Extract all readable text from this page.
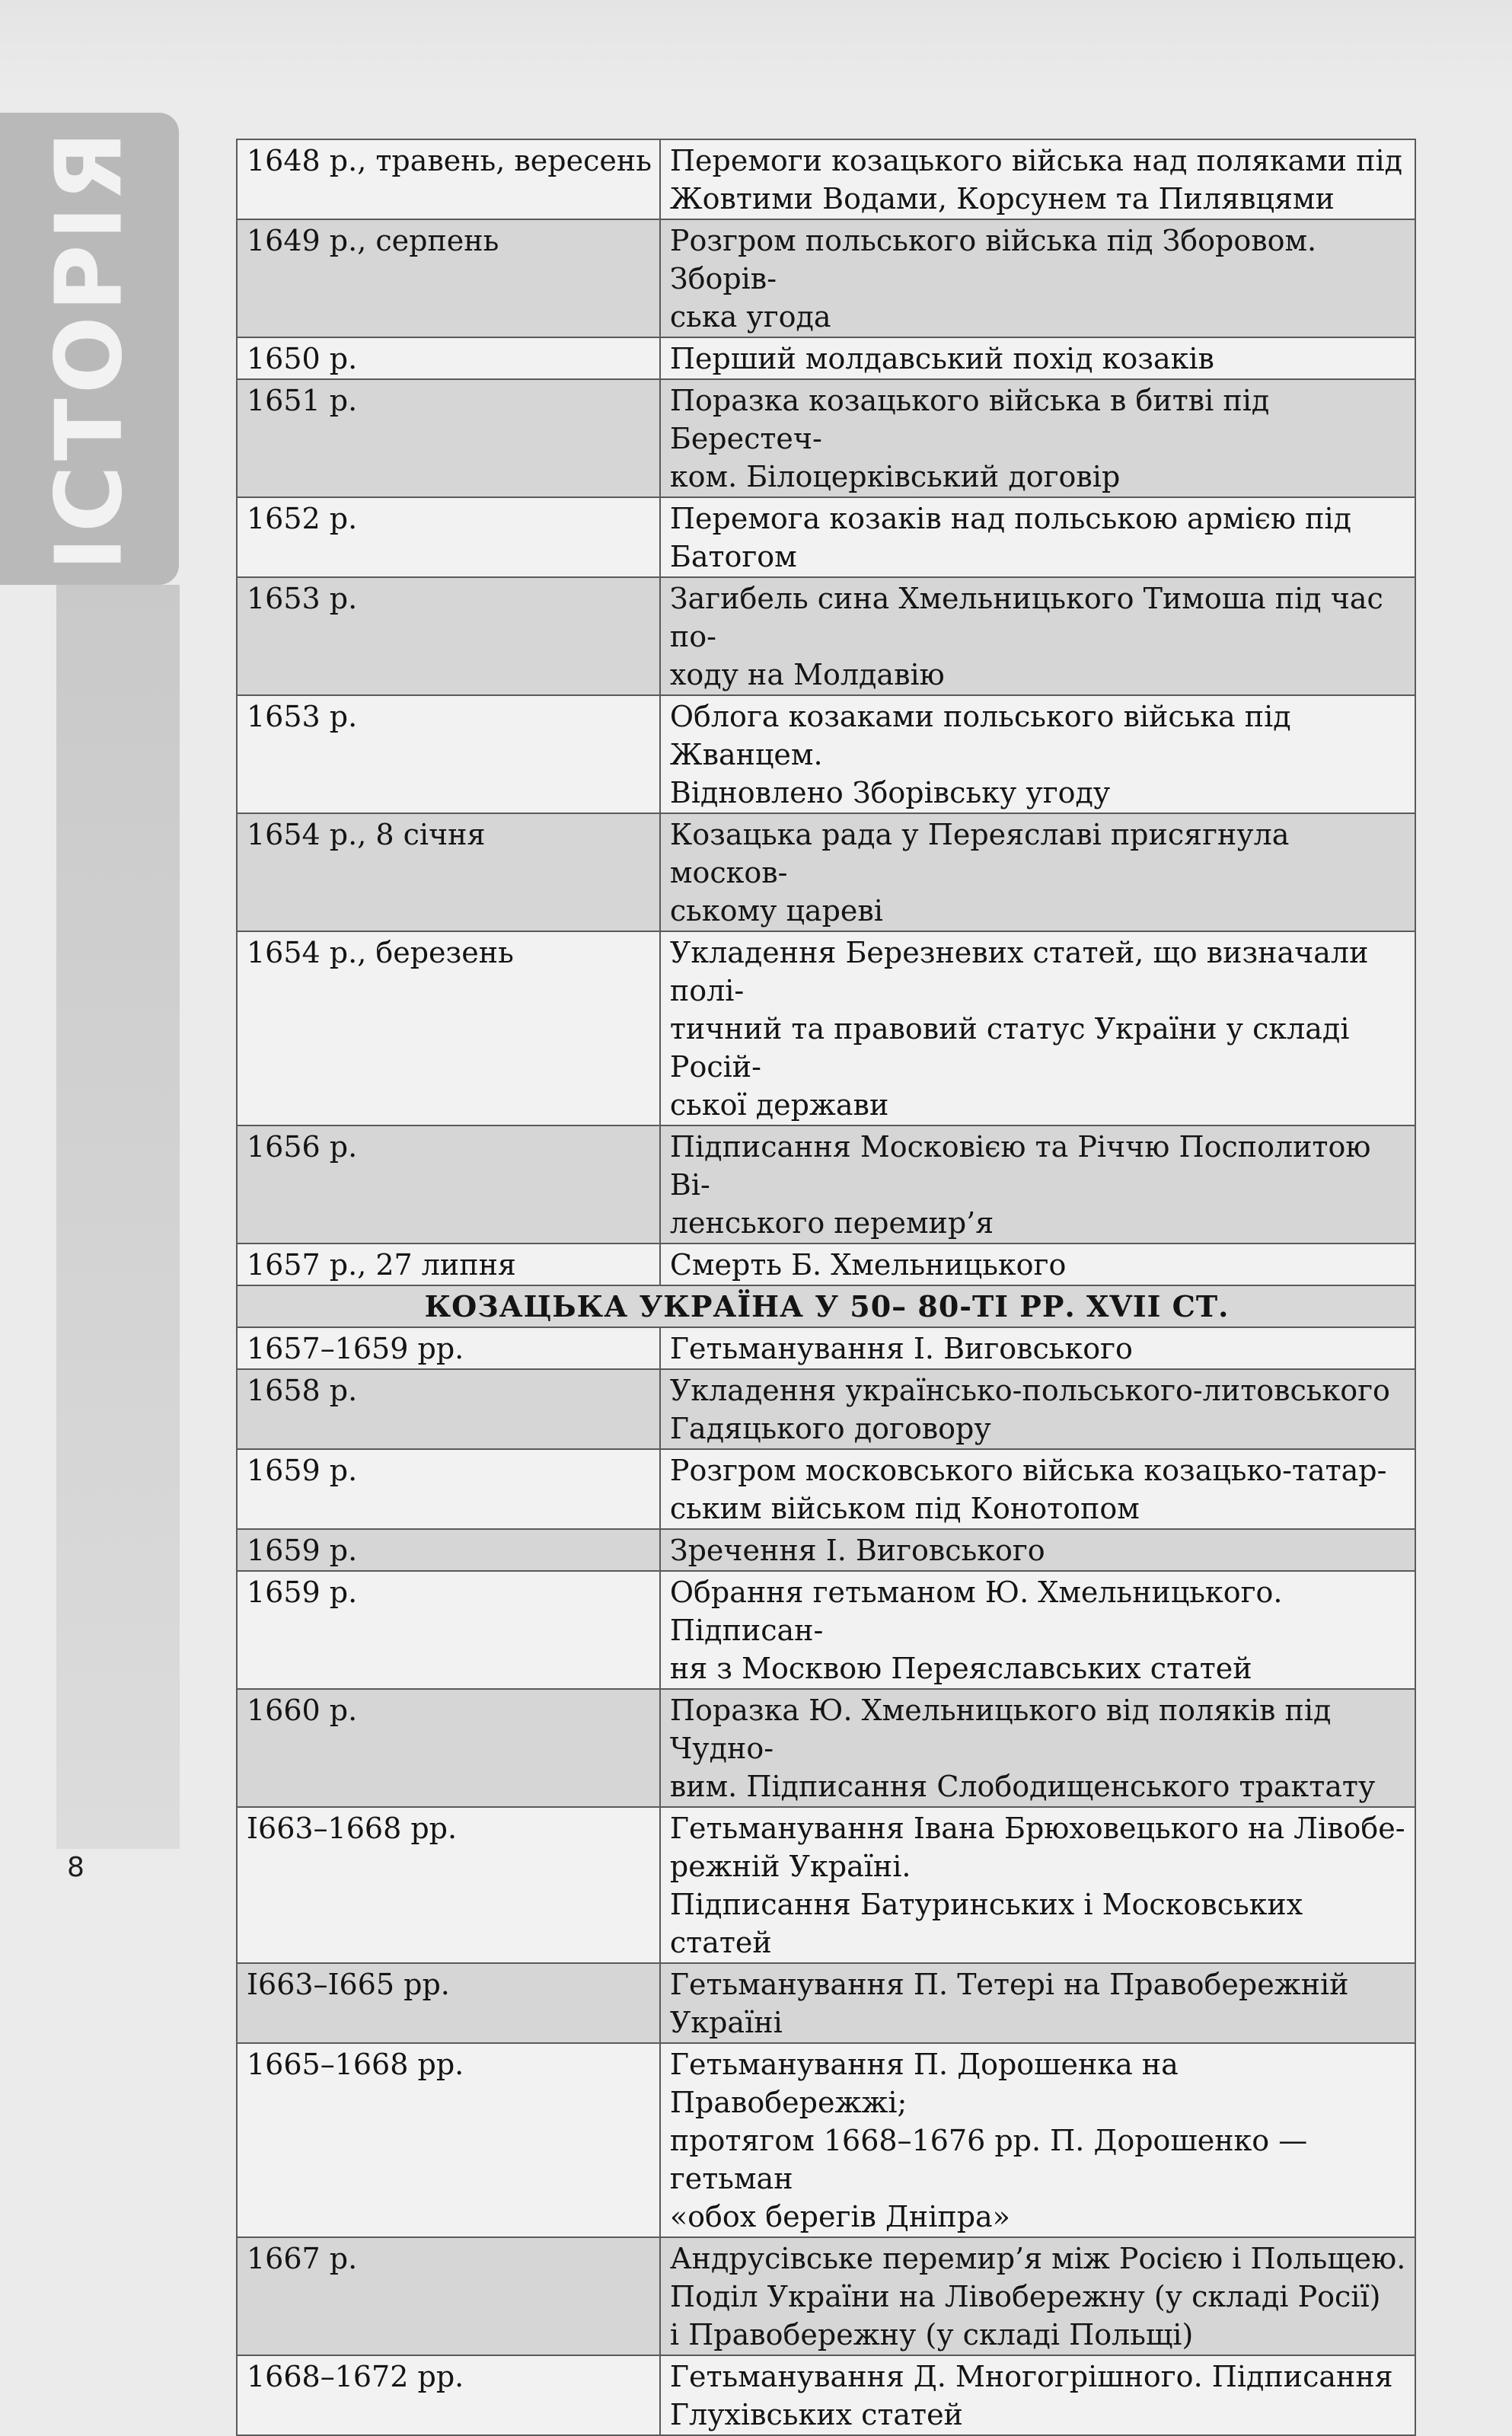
ІСТОРІЯ	1648 р., травень, вересень	Перемоги козацького війська над поляками під
Жовтими Водами, Корсунем та Пилявцями

1649 р., серпень	Розгром польського війська під Зборовом. Зборів-
ська угода

1650 р.	Перший молдавський похід козаків

1651 р.	Поразка козацького війська в битві під Берестеч-
ком. Білоцерківський договір

1652 р.	Перемога козаків над польською армією під Батогом

1653 р.	Загибель сина Хмельницького Тимоша під час по-
ходу на Молдавію

1653 р.	Облога козаками польського війська під Жванцем.
Відновлено Зборівську угоду

1654 р., 8 січня	Козацька рада у Переяславі присягнула москов-
ському цареві

1654 р., березень	Укладення Березневих статей, що визначали полі-
тичний та правовий статус України у складі Росій-
ської держави

1656 р.	Підписання Московією та Річчю Посполитою Ві-
ленського перемир’я

1657 р., 27 липня	Смерть Б. Хмельницького

КОЗАЦЬКА УКРАЇНА У 50– 80-ТІ РР. XVII СТ.	
1657–1659 рр.	Гетьманування І. Виговського

1658 р.	Укладення українсько-польського-литовського
Гадяцького договору

1659 р.	Розгром московського війська козацько-татар-
ським військом під Конотопом

1659 р.	Зречення І. Виговського

1659 р.	Обрання гетьманом Ю. Хмельницького. Підписан-
ня з Москвою Переяславських статей

1660 р.	Поразка Ю. Хмельницького від поляків під Чудно-
вим. Підписання Слободищенського трактату

І663–1668 рр.	Гетьманування Івана Брюховецького на Лівобе-
режній Україні.
Підписання Батуринських і Московських статей

І663–І665 рр.	Гетьманування П. Тетері на Правобережній Україні

1665–1668 рр.	Гетьманування П. Дорошенка на Правобережжі;
протягом 1668–1676 рр. П. Дорошенко — гетьман
«обох берегів Дніпра»

1667 р.	Андрусівське перемир’я між Росією і Польщею.
Поділ України на Лівобережну (у складі Росії)
і Правобережну (у складі Польщі)

1668–1672 рр.	Гетьманування Д. Многогрішного. Підписання
Глухівських статей
8
